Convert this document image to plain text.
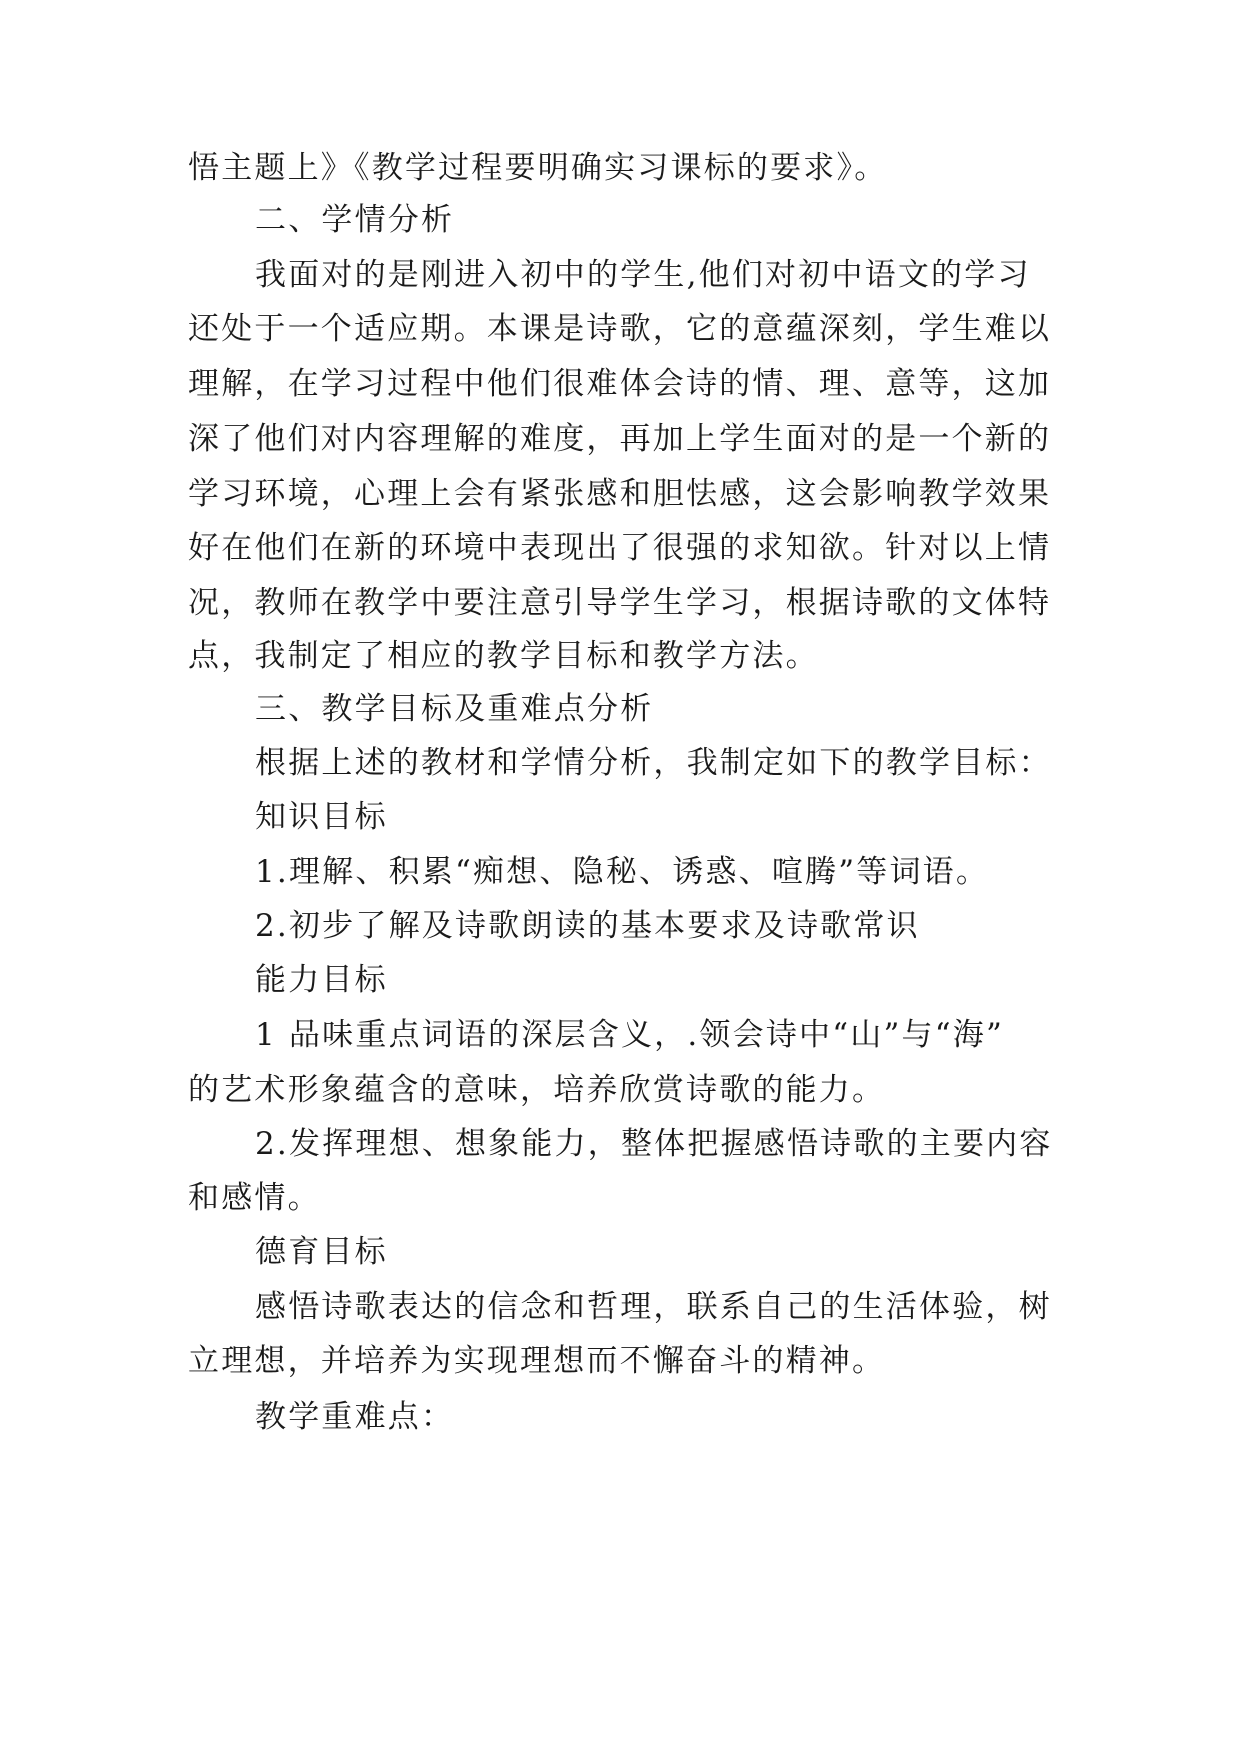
悟主题上》《教学过程要明确实习课标的要求》。
二、学情分析
我面对的是刚进入初中的学生,他们对初中语文的学习
还处于一个适应期。本课是诗歌，它的意蕴深刻，学生难以
理解，在学习过程中他们很难体会诗的情、理、意等，这加
深了他们对内容理解的难度，再加上学生面对的是一个新的
学习环境，心理上会有紧张感和胆怯感，这会影响教学效果
好在他们在新的环境中表现出了很强的求知欲。针对以上情
况，教师在教学中要注意引导学生学习，根据诗歌的文体特
点，我制定了相应的教学目标和教学方法。
三、教学目标及重难点分析
根据上述的教材和学情分析，我制定如下的教学目标：
知识目标
1.理解、积累“痴想、隐秘、诱惑、喧腾”等词语。
2.初步了解及诗歌朗读的基本要求及诗歌常识
能力目标
1 品味重点词语的深层含义，.领会诗中“山”与“海”
的艺术形象蕴含的意味，培养欣赏诗歌的能力。
2.发挥理想、想象能力，整体把握感悟诗歌的主要内容
和感情。
德育目标
感悟诗歌表达的信念和哲理，联系自己的生活体验，树
立理想，并培养为实现理想而不懈奋斗的精神。
教学重难点：
